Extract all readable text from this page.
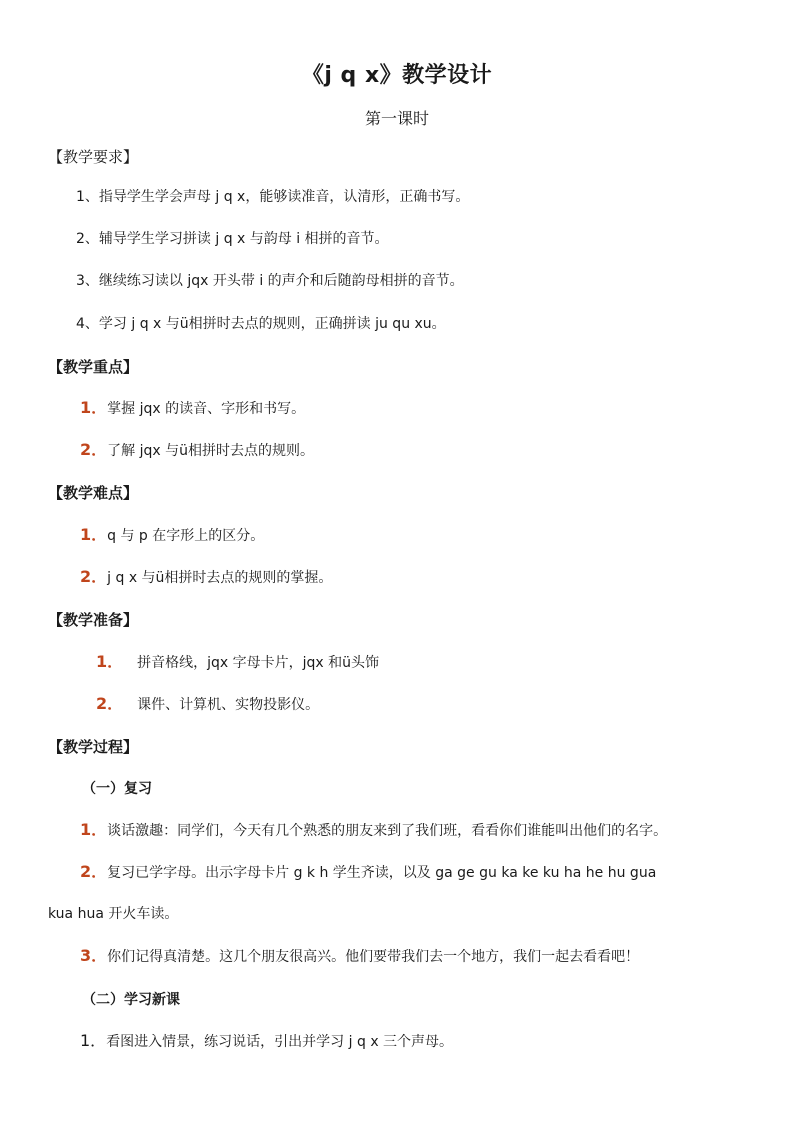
《j q x》教学设计
第一课时
【教学要求】
1、指导学生学会声母 j q x，能够读准音，认清形，正确书写。
2、辅导学生学习拼读 j q x 与韵母 i 相拼的音节。
3、继续练习读以 jqx 开头带 i 的声介和后随韵母相拼的音节。
4、学习 j q x 与ü相拼时去点的规则，正确拼读 ju qu xu。
【教学重点】
1．掌握 jqx 的读音、字形和书写。
2．了解 jqx 与ü相拼时去点的规则。
【教学难点】
1．q 与 p 在字形上的区分。
2．j q x 与ü相拼时去点的规则的掌握。
【教学准备】
1． 拼音格线，jqx 字母卡片，jqx 和ü头饰
2． 课件、计算机、实物投影仪。
【教学过程】
（一）复习
1．谈话激趣：同学们，今天有几个熟悉的朋友来到了我们班，看看你们谁能叫出他们的名字。
2．复习已学字母。出示字母卡片 g k h 学生齐读，以及 ga ge gu ka ke ku ha he hu gua
kua hua 开火车读。
3．你们记得真清楚。这几个朋友很高兴。他们要带我们去一个地方，我们一起去看看吧！
（二）学习新课
1．看图进入情景，练习说话，引出并学习 j q x 三个声母。
